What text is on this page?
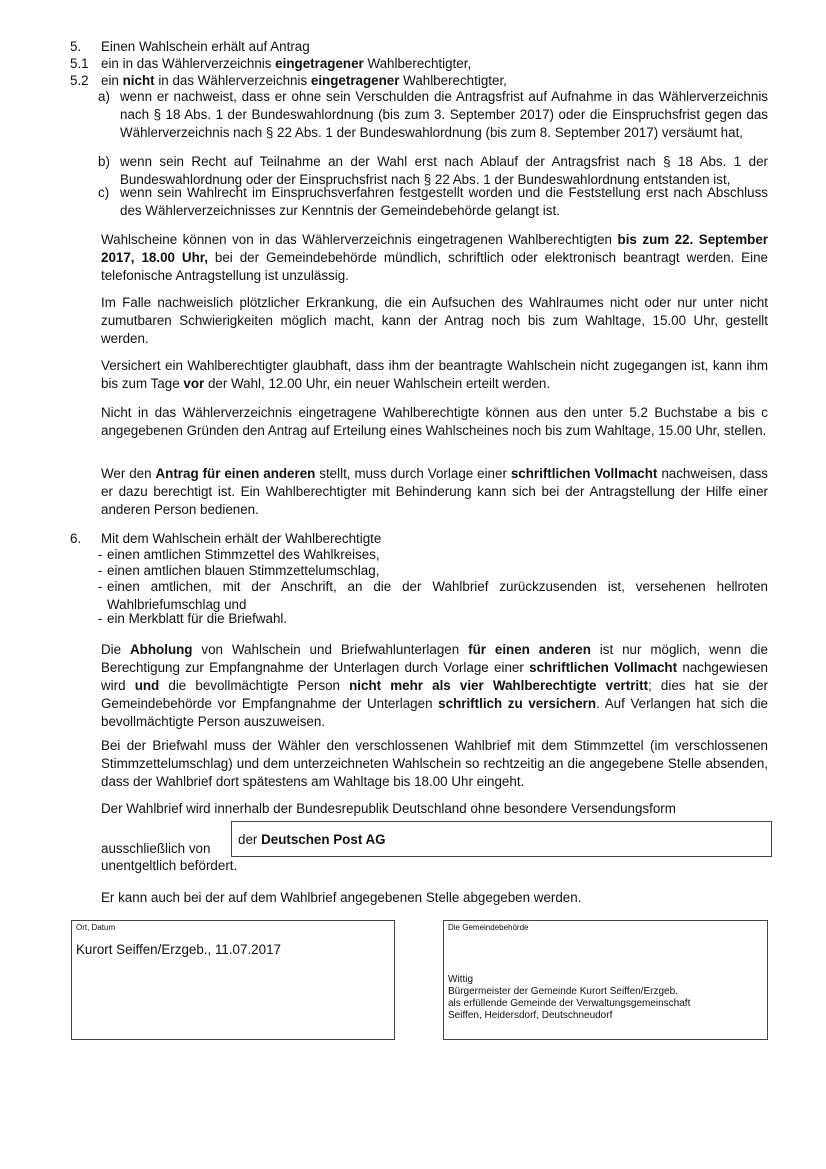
5. Einen Wahlschein erhält auf Antrag
5.1 ein in das Wählerverzeichnis eingetragener Wahlberechtigter,
5.2 ein nicht in das Wählerverzeichnis eingetragener Wahlberechtigter,
a) wenn er nachweist, dass er ohne sein Verschulden die Antragsfrist auf Aufnahme in das Wählerverzeichnis nach § 18 Abs. 1 der Bundeswahlordnung (bis zum 3. September 2017) oder die Einspruchsfrist gegen das Wählerverzeichnis nach § 22 Abs. 1 der Bundeswahlordnung (bis zum 8. September 2017) versäumt hat,
b) wenn sein Recht auf Teilnahme an der Wahl erst nach Ablauf der Antragsfrist nach § 18 Abs. 1 der Bundeswahlordnung oder der Einspruchsfrist nach § 22 Abs. 1 der Bundeswahlordnung entstanden ist,
c) wenn sein Wahlrecht im Einspruchsverfahren festgestellt worden und die Feststellung erst nach Abschluss des Wählerverzeichnisses zur Kenntnis der Gemeindebehörde gelangt ist.
Wahlscheine können von in das Wählerverzeichnis eingetragenen Wahlberechtigten bis zum 22. September 2017, 18.00 Uhr, bei der Gemeindebehörde mündlich, schriftlich oder elektronisch beantragt werden. Eine telefonische Antragstellung ist unzulässig.
Im Falle nachweislich plötzlicher Erkrankung, die ein Aufsuchen des Wahlraumes nicht oder nur unter nicht zumutbaren Schwierigkeiten möglich macht, kann der Antrag noch bis zum Wahltage, 15.00 Uhr, gestellt werden.
Versichert ein Wahlberechtigter glaubhaft, dass ihm der beantragte Wahlschein nicht zugegangen ist, kann ihm bis zum Tage vor der Wahl, 12.00 Uhr, ein neuer Wahlschein erteilt werden.
Nicht in das Wählerverzeichnis eingetragene Wahlberechtigte können aus den unter 5.2 Buchstabe a bis c angegebenen Gründen den Antrag auf Erteilung eines Wahlscheines noch bis zum Wahltage, 15.00 Uhr, stellen.
Wer den Antrag für einen anderen stellt, muss durch Vorlage einer schriftlichen Vollmacht nachweisen, dass er dazu berechtigt ist. Ein Wahlberechtigter mit Behinderung kann sich bei der Antragstellung der Hilfe einer anderen Person bedienen.
6. Mit dem Wahlschein erhält der Wahlberechtigte
- einen amtlichen Stimmzettel des Wahlkreises,
- einen amtlichen blauen Stimmzettelumschlag,
- einen amtlichen, mit der Anschrift, an die der Wahlbrief zurückzusenden ist, versehenen hellroten Wahlbriefumschlag und
- ein Merkblatt für die Briefwahl.
Die Abholung von Wahlschein und Briefwahlunterlagen für einen anderen ist nur möglich, wenn die Berechtigung zur Empfangnahme der Unterlagen durch Vorlage einer schriftlichen Vollmacht nachgewiesen wird und die bevollmächtigte Person nicht mehr als vier Wahlberechtigte vertritt; dies hat sie der Gemeindebehörde vor Empfangnahme der Unterlagen schriftlich zu versichern. Auf Verlangen hat sich die bevollmächtigte Person auszuweisen.
Bei der Briefwahl muss der Wähler den verschlossenen Wahlbrief mit dem Stimmzettel (im verschlossenen Stimmzettelumschlag) und dem unterzeichneten Wahlschein so rechtzeitig an die angegebene Stelle absenden, dass der Wahlbrief dort spätestens am Wahltage bis 18.00 Uhr eingeht.
Der Wahlbrief wird innerhalb der Bundesrepublik Deutschland ohne besondere Versendungsform
der Deutschen Post AG
ausschließlich von
unentgeltlich befördert.
Er kann auch bei der auf dem Wahlbrief angegebenen Stelle abgegeben werden.
Ort, Datum
Kurort Seiffen/Erzgeb., 11.07.2017
Die Gemeindebehörde
Wittig
Bürgermeister der Gemeinde Kurort Seiffen/Erzgeb.
als erfüllende Gemeinde der Verwaltungsgemeinschaft
Seiffen, Heidersdorf, Deutschneudorf
